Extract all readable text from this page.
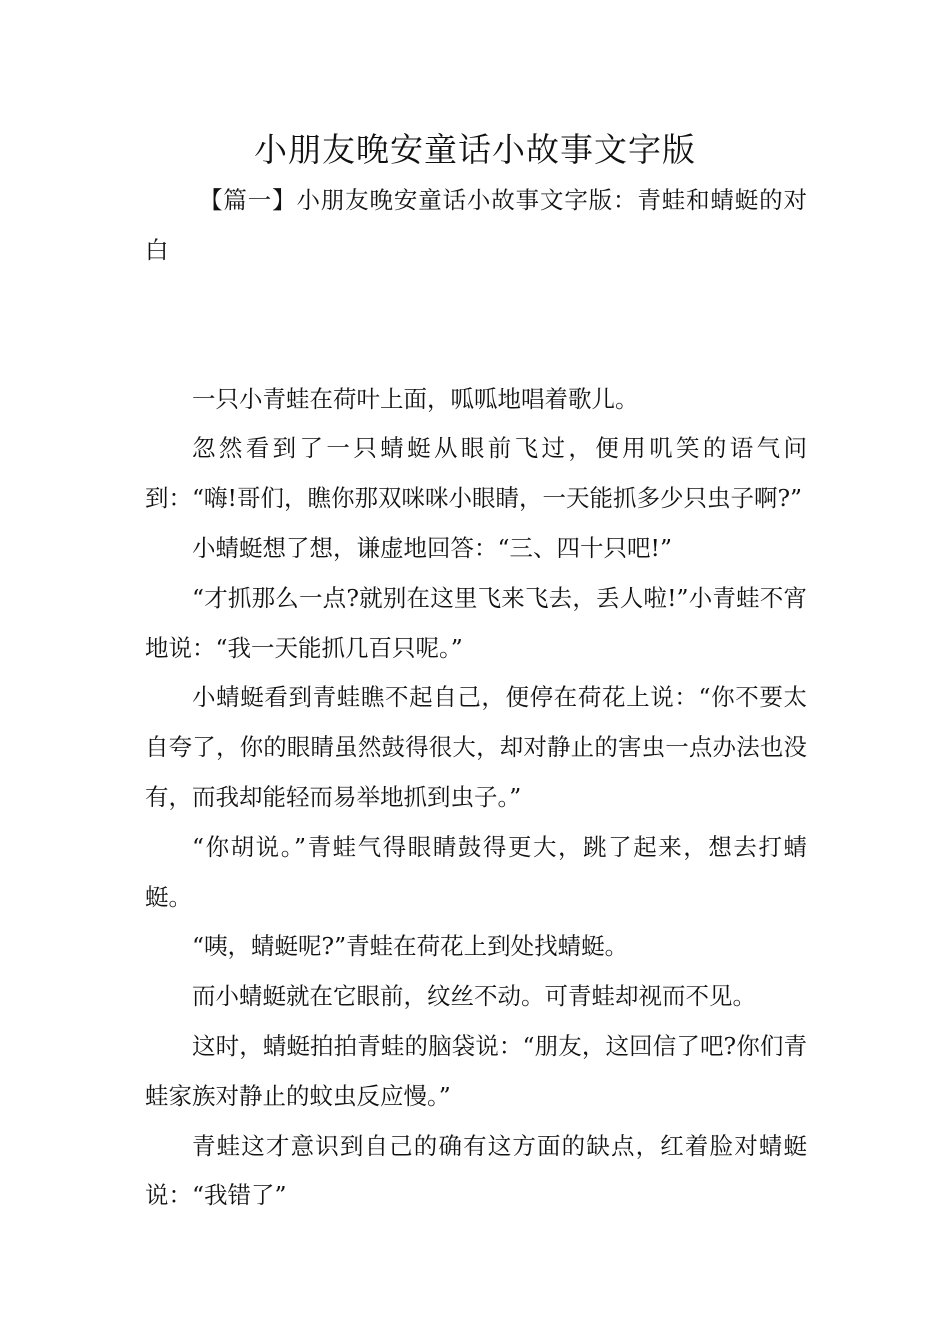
小朋友晚安童话小故事文字版

【篇一】小朋友晚安童话小故事文字版：青蛙和蜻蜓的对白

一只小青蛙在荷叶上面，呱呱地唱着歌儿。

忽然看到了一只蜻蜓从眼前飞过，便用叽笑的语气问到：“嗨!哥们，瞧你那双咪咪小眼睛，一天能抓多少只虫子啊?”

小蜻蜓想了想，谦虚地回答：“三、四十只吧!”

“才抓那么一点?就别在这里飞来飞去，丢人啦!”小青蛙不宵地说：“我一天能抓几百只呢。”

小蜻蜓看到青蛙瞧不起自己，便停在荷花上说：“你不要太自夸了，你的眼睛虽然鼓得很大，却对静止的害虫一点办法也没有，而我却能轻而易举地抓到虫子。”

“你胡说。”青蛙气得眼睛鼓得更大，跳了起来，想去打蜻蜓。

“咦，蜻蜓呢?”青蛙在荷花上到处找蜻蜓。

而小蜻蜓就在它眼前，纹丝不动。可青蛙却视而不见。

这时，蜻蜓拍拍青蛙的脑袋说：“朋友，这回信了吧?你们青蛙家族对静止的蚊虫反应慢。”

青蛙这才意识到自己的确有这方面的缺点，红着脸对蜻蜓说：“我错了”
